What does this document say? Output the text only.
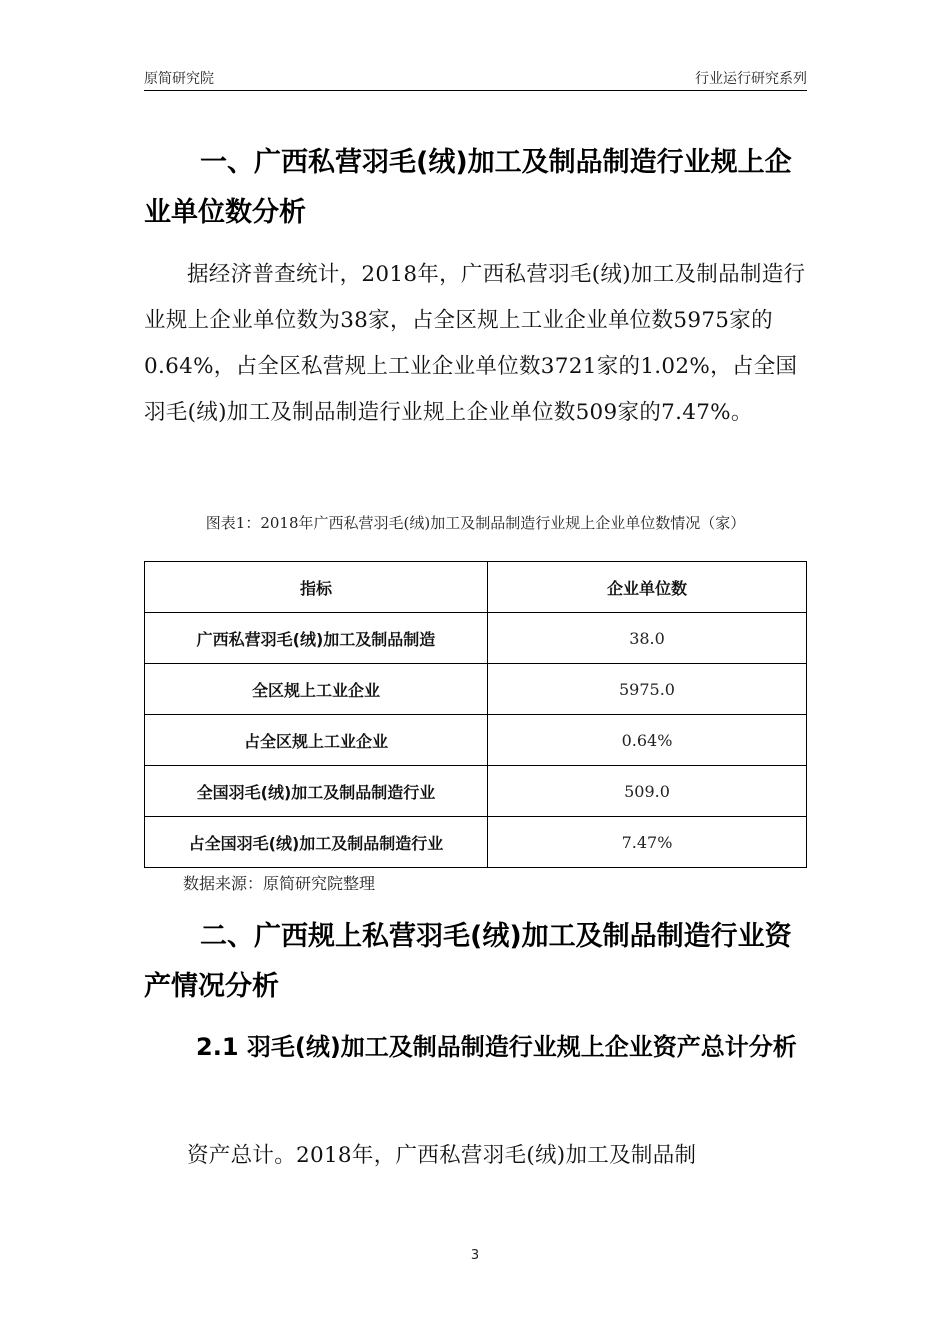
原简研究院	行业运行研究系列
一、广西私营羽毛(绒)加工及制品制造行业规上企业单位数分析

据经济普查统计，2018年，广西私营羽毛(绒)加工及制品制造行业规上企业单位数为38家，占全区规上工业企业单位数5975家的0.64%，占全区私营规上工业企业单位数3721家的1.02%，占全国羽毛(绒)加工及制品制造行业规上企业单位数509家的7.47%。

图表1：2018年广西私营羽毛(绒)加工及制品制造行业规上企业单位数情况（家）
指标	企业单位数
广西私营羽毛(绒)加工及制品制造	38.0
全区规上工业企业	5975.0
占全区规上工业企业	0.64%
全国羽毛(绒)加工及制品制造行业	509.0
占全国羽毛(绒)加工及制品制造行业	7.47%
数据来源：原简研究院整理
二、广西规上私营羽毛(绒)加工及制品制造行业资产情况分析
2.1 羽毛(绒)加工及制品制造行业规上企业资产总计分析

资产总计。2018年，广西私营羽毛(绒)加工及制品制

3
